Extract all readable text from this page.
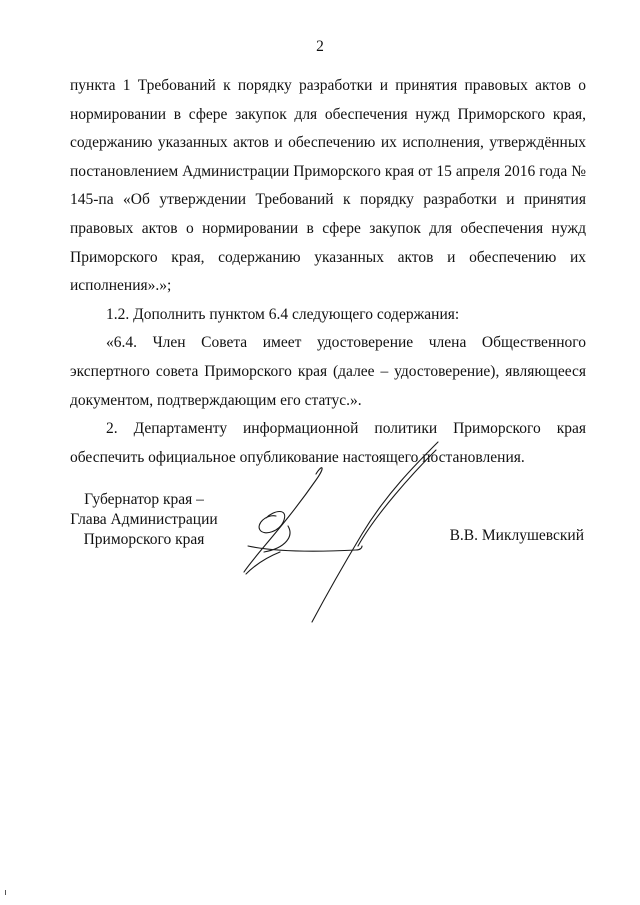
2

пункта 1 Требований к порядку разработки и принятия правовых актов о нормировании в сфере закупок для обеспечения нужд Приморского края, содержанию указанных актов и обеспечению их исполнения, утверждённых постановлением Администрации Приморского края от 15 апреля 2016 года № 145-па «Об утверждении Требований к порядку разработки и принятия правовых актов о нормировании в сфере закупок для обеспечения нужд Приморского края, содержанию указанных актов и обеспечению их исполнения».»;

1.2. Дополнить пунктом 6.4 следующего содержания:

«6.4. Член Совета имеет удостоверение члена Общественного экспертного совета Приморского края (далее – удостоверение), являющееся документом, подтверждающим его статус.».

2. Департаменту информационной политики Приморского края обеспечить официальное опубликование настоящего постановления.

Губернатор края –
Глава Администрации
Приморского края	В.В. Миклушевский
